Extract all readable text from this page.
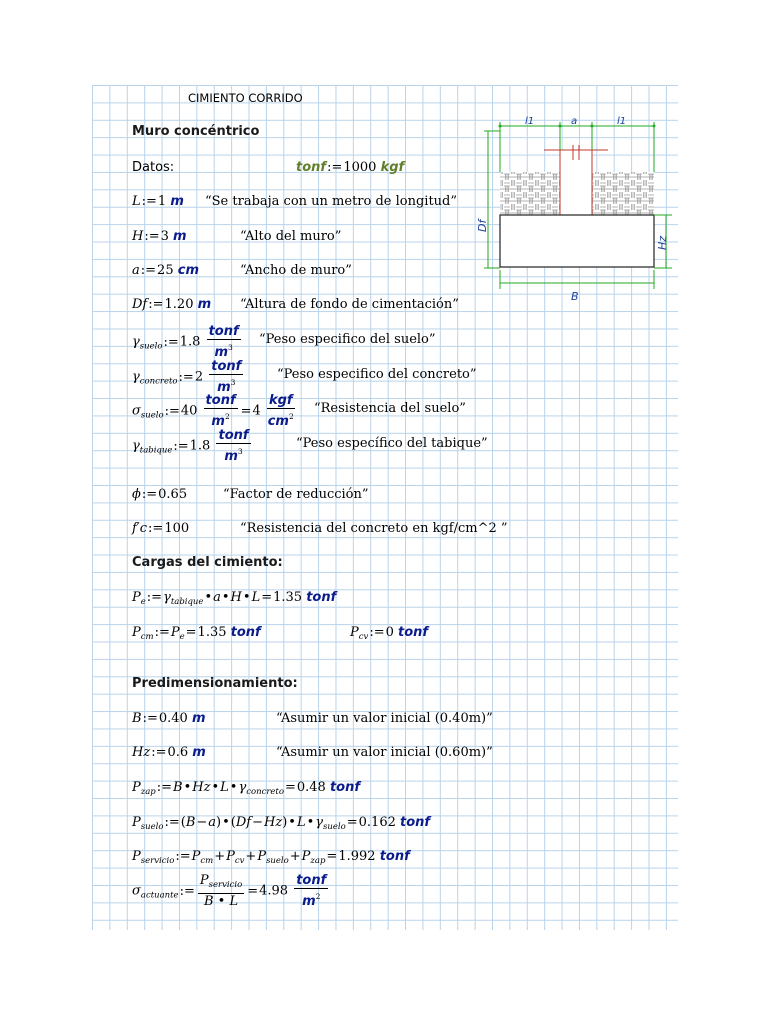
CIMIENTO CORRIDO
Muro concéntrico
Datos:	tonf:=1000 kgf
L:=1 m “Se trabaja con un metro de longitud”
H:=3 m	“Alto del muro”
a:=25 cm	“Ancho de muro”
Df:=1.20 m “Altura de fondo de cimentación”
$\gamma_{suelo}:=1.8 \frac{\text{tonf}}{m^3}$ “Peso especifico del suelo”
$\gamma_{concreto}:=2 \frac{\text{tonf}}{m^3}$	“Peso especifico del concreto”
$\sigma_{suelo}:=40 \frac{\text{tonf}}{m^2} =4 \frac{\text{kgf}}{cm^2}$ “Resistencia del suelo”
$\gamma_{tabique}:=1.8 \frac{\text{tonf}}{m^3}$	“Peso específico del tabique”
ϕ:=0.65	“Factor de reducción”
f′c:=100	“Resistencia del concreto en kgf/cm^2 ”
Cargas del cimiento:
$P_e:=\gamma_{tabique}•a•H•L=1.35$ tonf
$P_{cm}:=P_e=1.35$ tonf	$P_{cv}:=0$ tonf
Predimensionamiento:
B:=0.40 m	“Asumir un valor inicial (0.40m)”
Hz:=0.6 m	“Asumir un valor inicial (0.60m)”
$P_{zap}:=B•Hz•L•\gamma_{concreto}=0.48$ tonf
$P_{suelo}:=(B-a)•(Df-Hz)•L•\gamma_{suelo}=0.162$ tonf
$P_{servicio}:=P_{cm}+P_{cv}+P_{suelo}+P_{zap}=1.992$ tonf
$\sigma_{actuante}:= \frac{P_{servicio}}{B • L} =4.98 \frac{\text{tonf}}{m^2}$
l1	a	l1
Df
Hz
B
